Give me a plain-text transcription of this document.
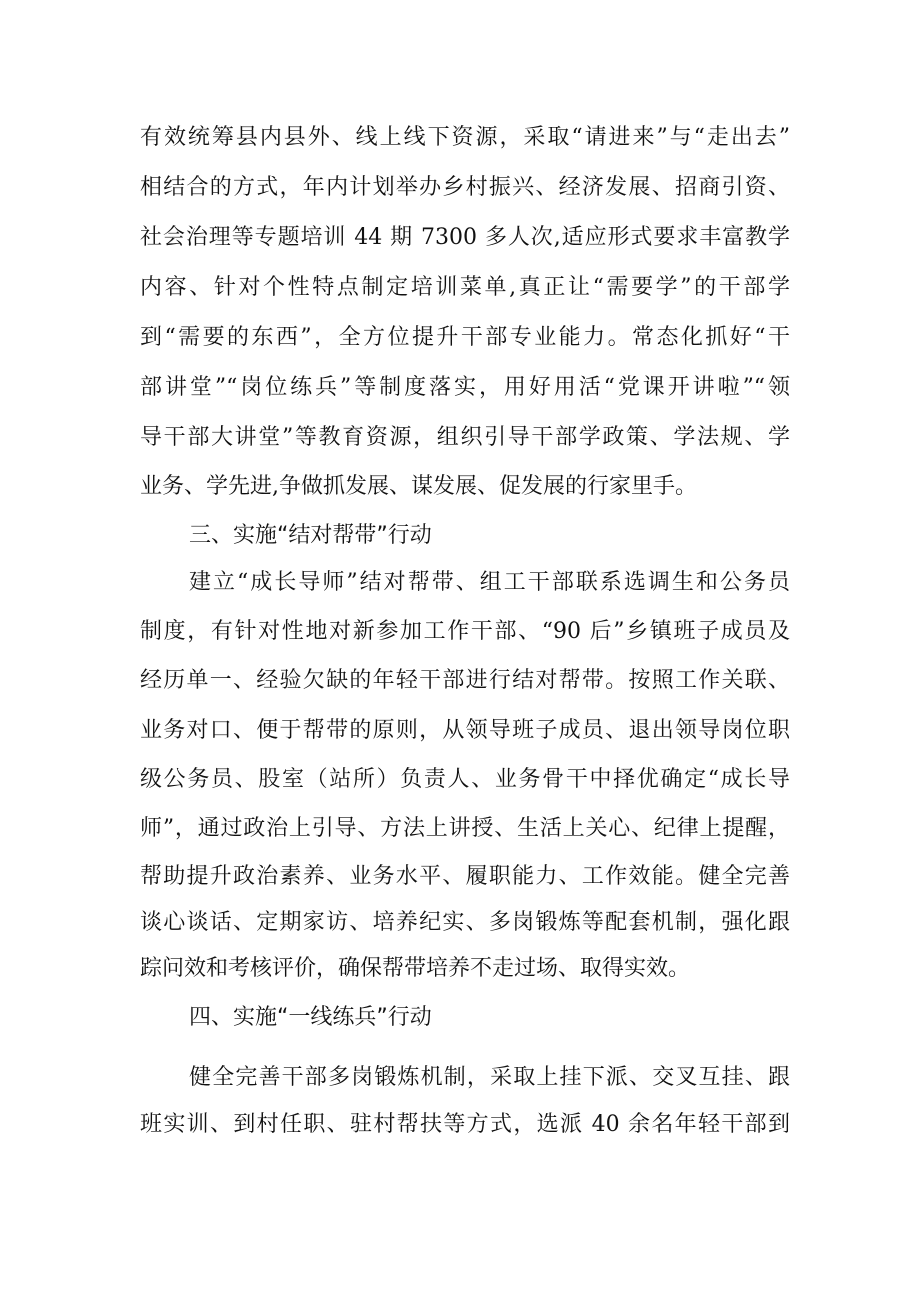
有效统筹县内县外、线上线下资源，采取“请进来”与“走出去”
相结合的方式，年内计划举办乡村振兴、经济发展、招商引资、
社会治理等专题培训 44 期 7300 多人次,适应形式要求丰富教学
内容、针对个性特点制定培训菜单,真正让“需要学”的干部学
到“需要的东西”，全方位提升干部专业能力。常态化抓好“干
部讲堂”“岗位练兵”等制度落实，用好用活“党课开讲啦”“领
导干部大讲堂”等教育资源，组织引导干部学政策、学法规、学
业务、学先进,争做抓发展、谋发展、促发展的行家里手。
三、实施“结对帮带”行动
建立“成长导师”结对帮带、组工干部联系选调生和公务员
制度，有针对性地对新参加工作干部、“90 后”乡镇班子成员及
经历单一、经验欠缺的年轻干部进行结对帮带。按照工作关联、
业务对口、便于帮带的原则，从领导班子成员、退出领导岗位职
级公务员、股室（站所）负责人、业务骨干中择优确定“成长导
师”，通过政治上引导、方法上讲授、生活上关心、纪律上提醒，
帮助提升政治素养、业务水平、履职能力、工作效能。健全完善
谈心谈话、定期家访、培养纪实、多岗锻炼等配套机制，强化跟
踪问效和考核评价，确保帮带培养不走过场、取得实效。
四、实施“一线练兵”行动
健全完善干部多岗锻炼机制，采取上挂下派、交叉互挂、跟
班实训、到村任职、驻村帮扶等方式，选派 40 余名年轻干部到
